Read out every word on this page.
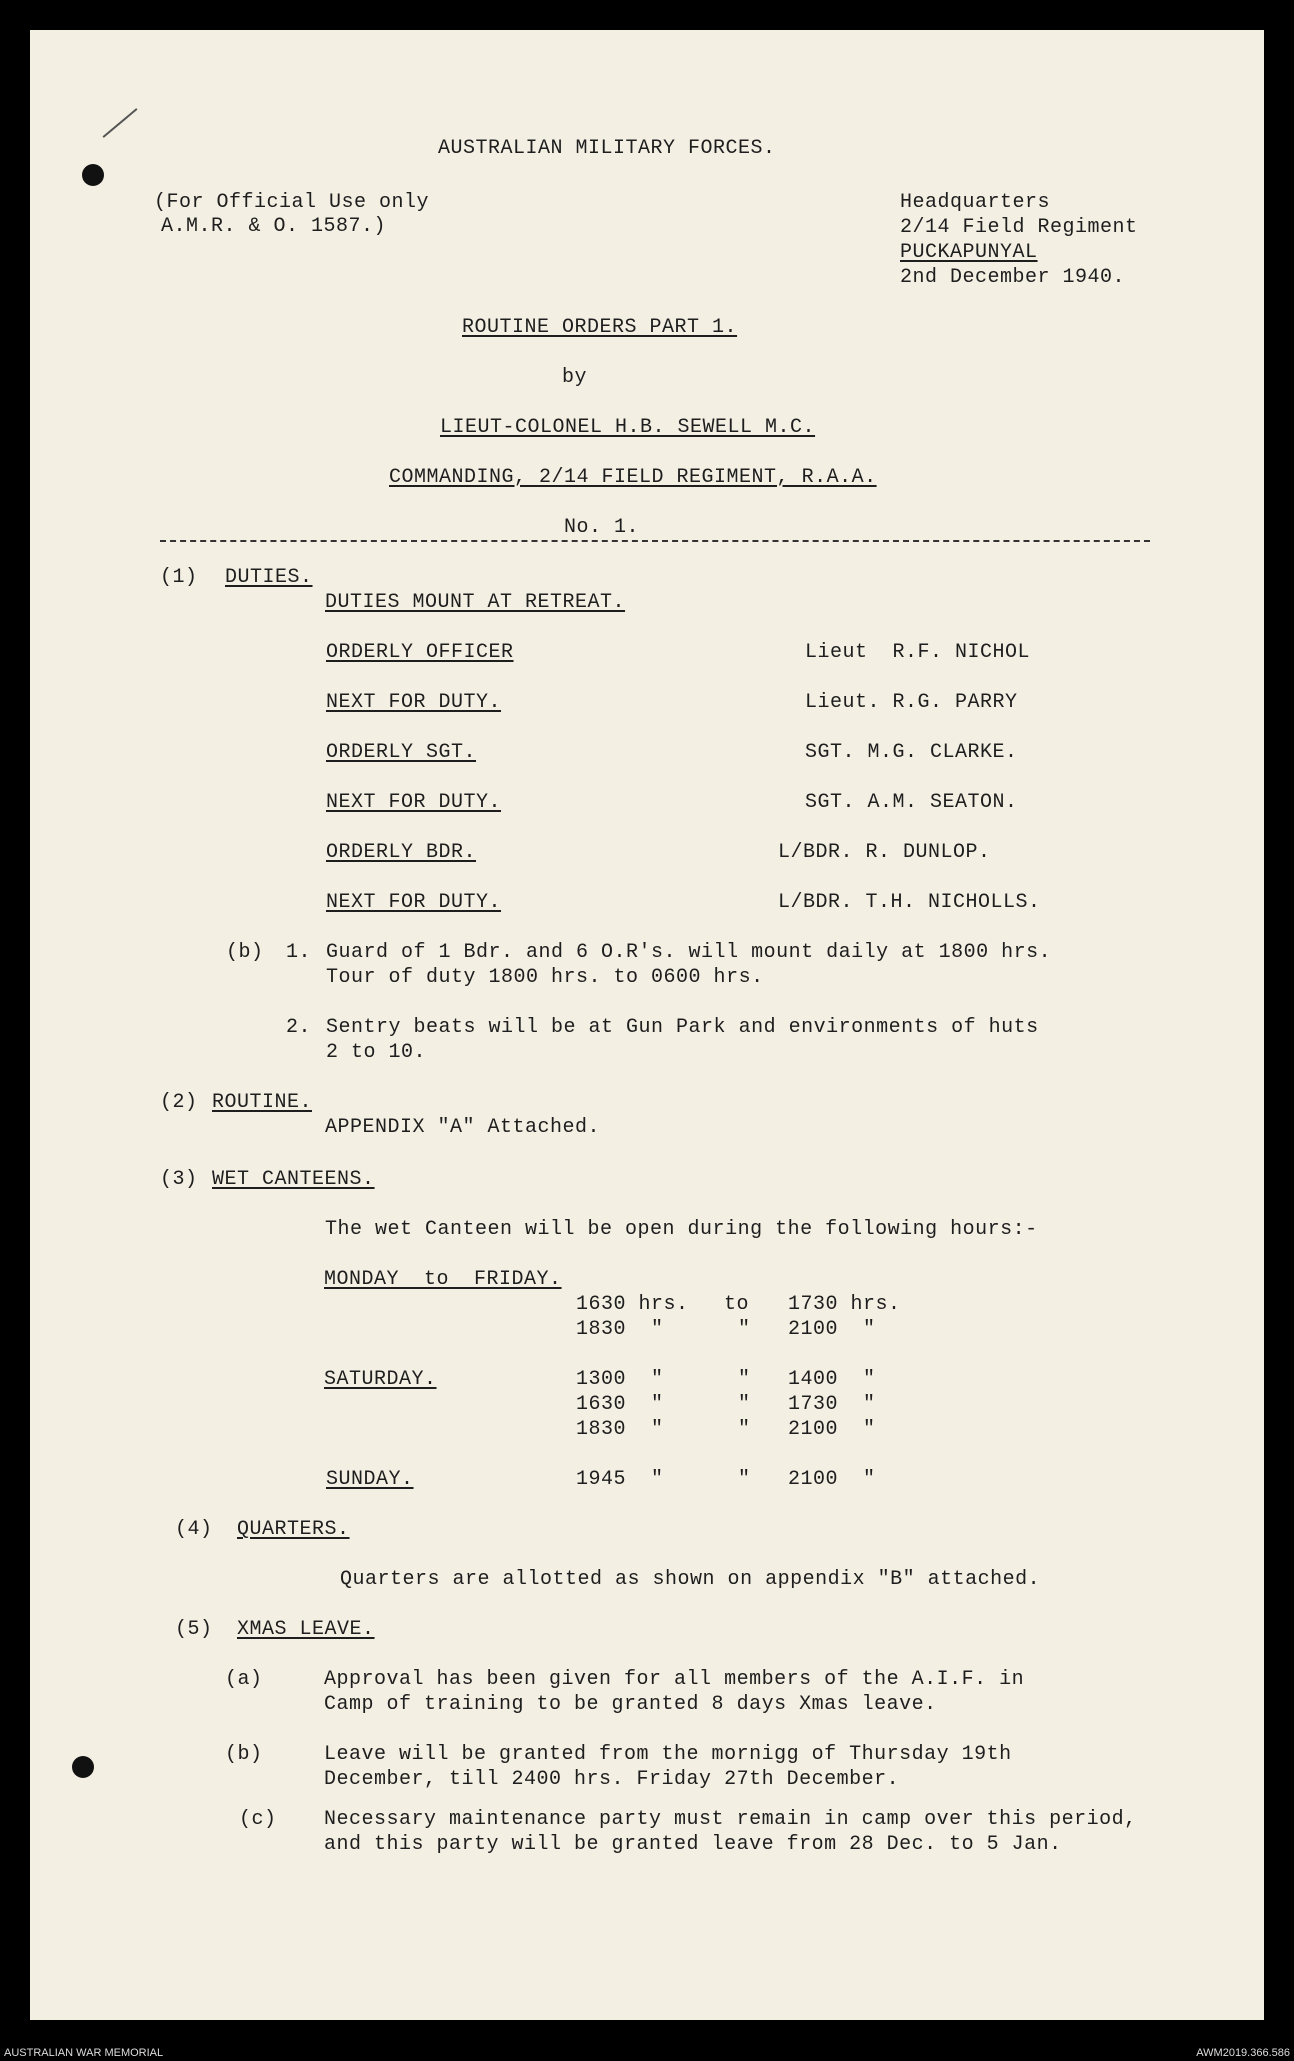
AUSTRALIAN MILITARY FORCES.
(For Official Use only
A.M.R. & O. 1587.)
Headquarters
2/14 Field Regiment
PUCKAPUNYAL
2nd December 1940.
ROUTINE ORDERS PART 1.
by
LIEUT-COLONEL H.B. SEWELL M.C.
COMMANDING, 2/14 FIELD REGIMENT, R.A.A.
No. 1.
(1) DUTIES.
DUTIES MOUNT AT RETREAT.
ORDERLY OFFICER	Lieut  R.F. NICHOL
NEXT FOR DUTY.	Lieut. R.G. PARRY
ORDERLY SGT.	SGT. M.G. CLARKE.
NEXT FOR DUTY.	SGT. A.M. SEATON.
ORDERLY BDR.	L/BDR. R. DUNLOP.
NEXT FOR DUTY.	L/BDR. T.H. NICHOLLS.
(b) 1. Guard of 1 Bdr. and 6 O.R's. will mount daily at 1800 hrs.
Tour of duty 1800 hrs. to 0600 hrs.
2. Sentry beats will be at Gun Park and environments of huts
2 to 10.
(2) ROUTINE.
APPENDIX "A" Attached.
(3) WET CANTEENS.
The wet Canteen will be open during the following hours:-
MONDAY  to  FRIDAY.
1630 hrs. to 1730 hrs.
1830  "	" 2100  "
SATURDAY.	1300  "	" 1400  "
1630  "	" 1730  "
1830  "	" 2100  "
SUNDAY.	1945  "	" 2100  "
(4) QUARTERS.
Quarters are allotted as shown on appendix "B" attached.
(5) XMAS LEAVE.
(a)	Approval has been given for all members of the A.I.F. in
Camp of training to be granted 8 days Xmas leave.
(b)	Leave will be granted from the mornigg of Thursday 19th
December, till 2400 hrs. Friday 27th December.
(c) Necessary maintenance party must remain in camp over this period,
and this party will be granted leave from 28 Dec. to 5 Jan.
AUSTRALIAN WAR MEMORIAL	AWM2019.366.586
